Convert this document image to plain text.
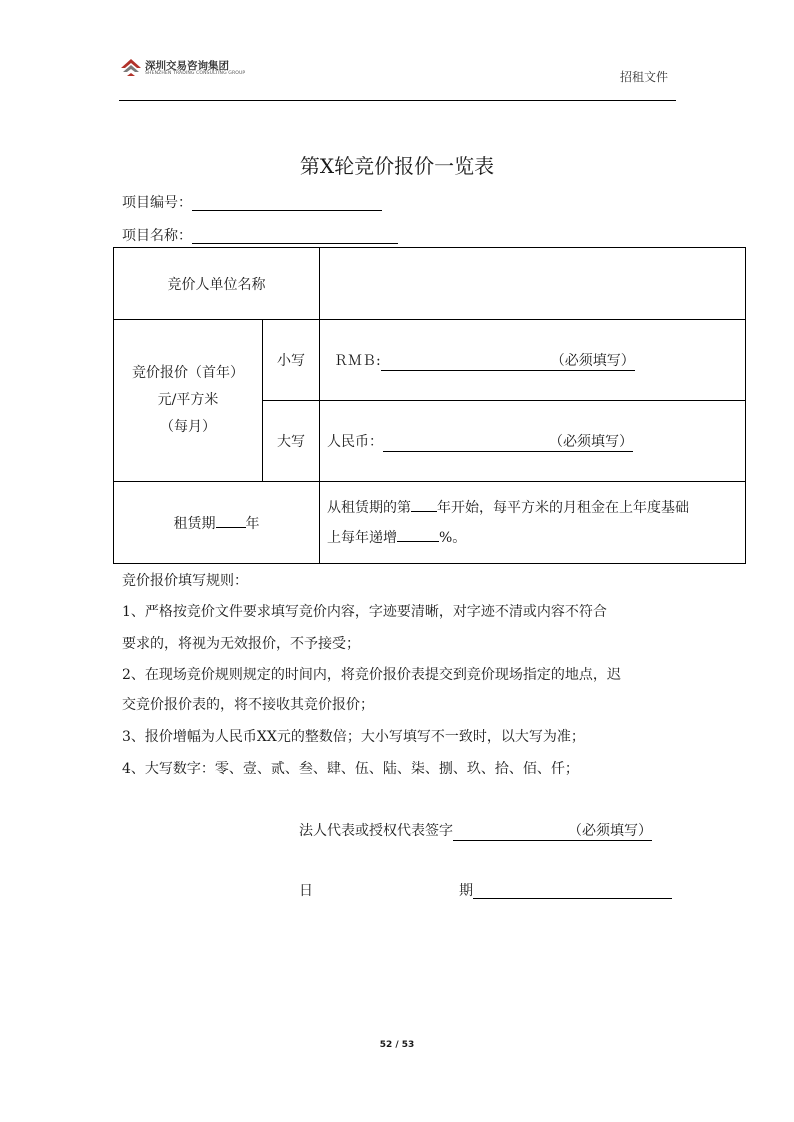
深圳交易咨询集团
SHENZHEN TRADING CONSULTING GROUP	招租文件
第X轮竞价报价一览表
项目编号：
项目名称：
竞价人单位名称		

竞价报价（首年）
元/平方米
（每月）	小写	ＲＭＢ: （必须填写）
	大写	人民币： （必须填写）
租赁期 年		从租赁期的第 年开始，每平方米的月租金在上年度基础
上每年递增 %。
竞价报价填写规则：
1、严格按竞价文件要求填写竞价内容，字迹要清晰，对字迹不清或内容不符合
要求的，将视为无效报价，不予接受；
2、在现场竞价规则规定的时间内，将竞价报价表提交到竞价现场指定的地点，迟
交竞价报价表的，将不接收其竞价报价；
3、报价增幅为人民币XX元的整数倍；大小写填写不一致时，以大写为准；
4、大写数字：零、壹、贰、叁、肆、伍、陆、柒、捌、玖、拾、佰、仟；
法人代表或授权代表签字	（必须填写）
日	期
52 / 53
